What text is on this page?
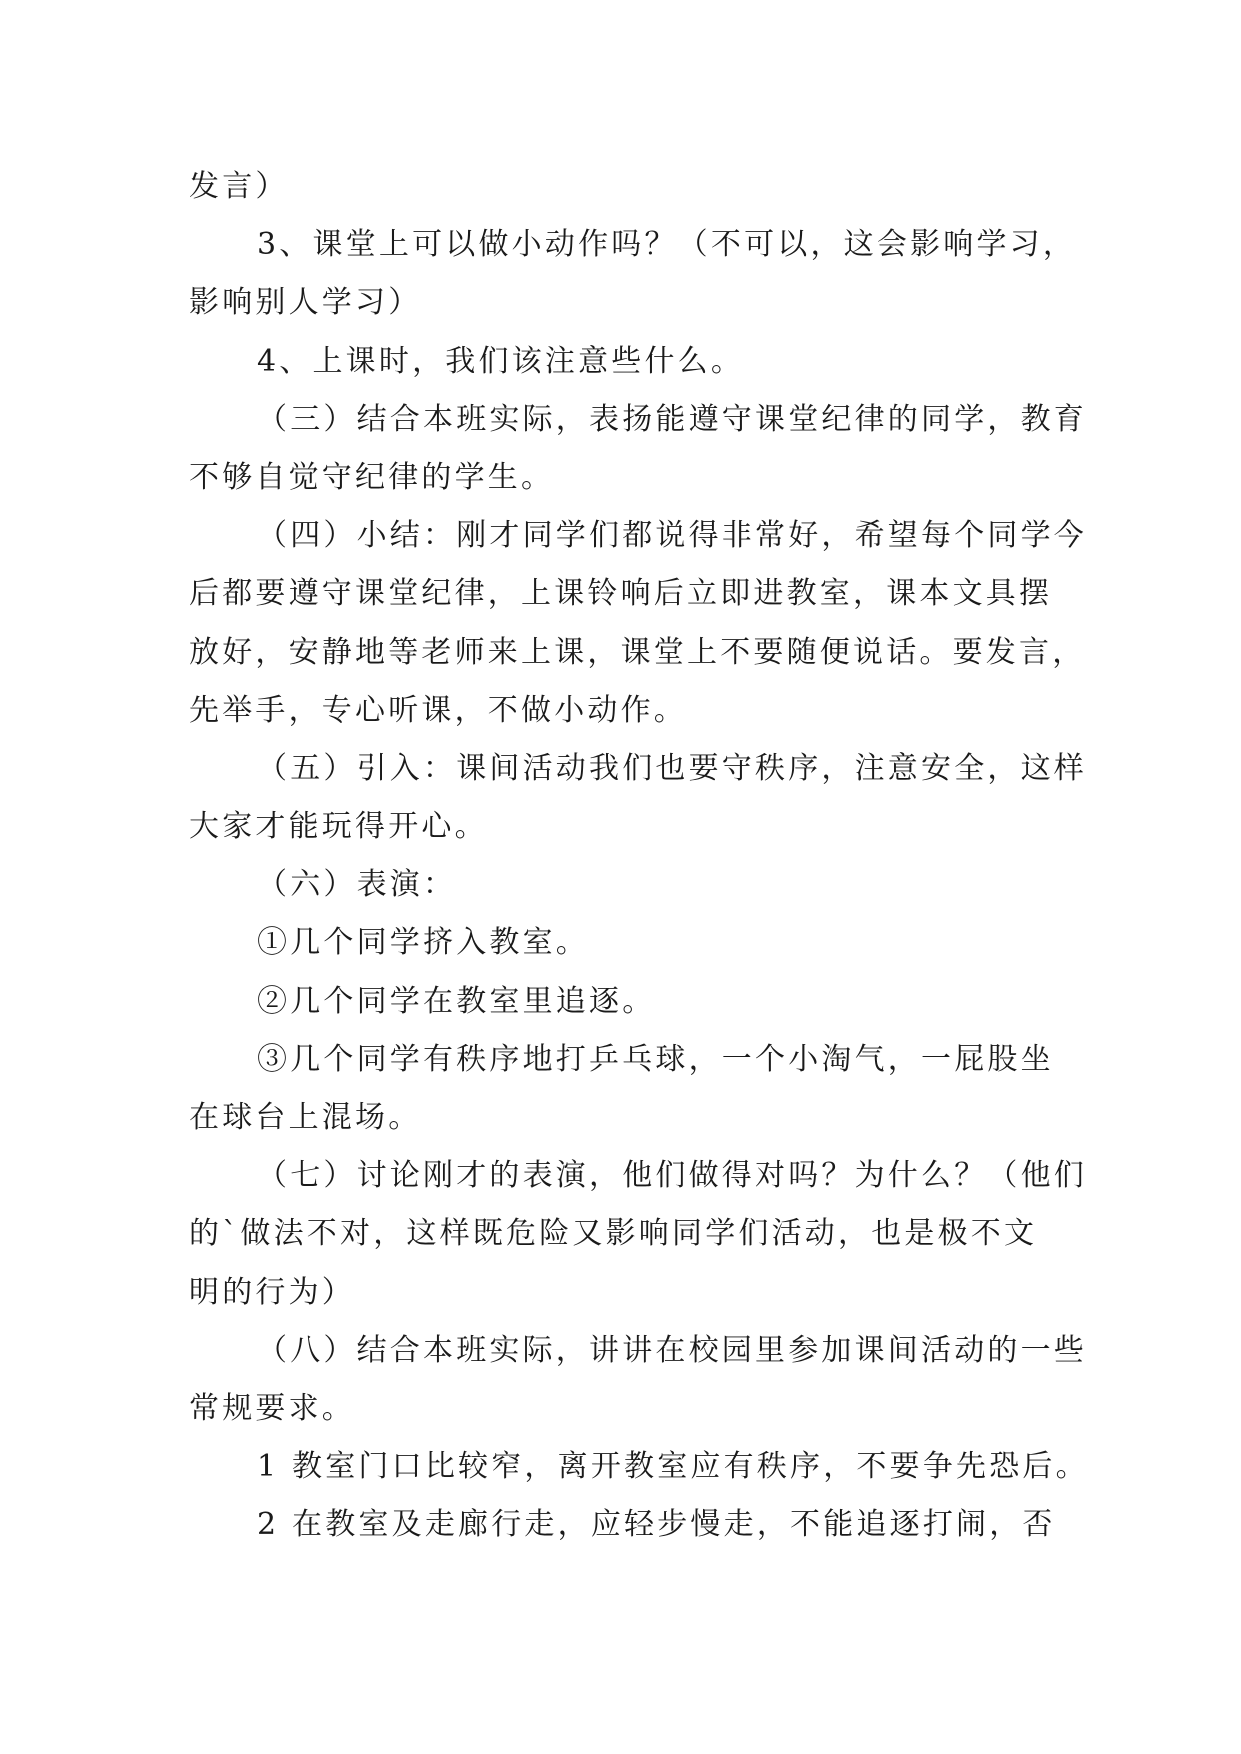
发言）
3、课堂上可以做小动作吗？（不可以，这会影响学习，
影响别人学习）
4、上课时，我们该注意些什么。
（三）结合本班实际，表扬能遵守课堂纪律的同学，教育
不够自觉守纪律的学生。
（四）小结：刚才同学们都说得非常好，希望每个同学今
后都要遵守课堂纪律，上课铃响后立即进教室，课本文具摆
放好，安静地等老师来上课，课堂上不要随便说话。要发言，
先举手，专心听课，不做小动作。
（五）引入：课间活动我们也要守秩序，注意安全，这样
大家才能玩得开心。
（六）表演：
①几个同学挤入教室。
②几个同学在教室里追逐。
③几个同学有秩序地打乒乓球，一个小淘气，一屁股坐
在球台上混场。
（七）讨论刚才的表演，他们做得对吗？为什么？（他们
的`做法不对，这样既危险又影响同学们活动，也是极不文
明的行为）
（八）结合本班实际，讲讲在校园里参加课间活动的一些
常规要求。
1 教室门口比较窄，离开教室应有秩序，不要争先恐后。
2 在教室及走廊行走，应轻步慢走，不能追逐打闹，否
